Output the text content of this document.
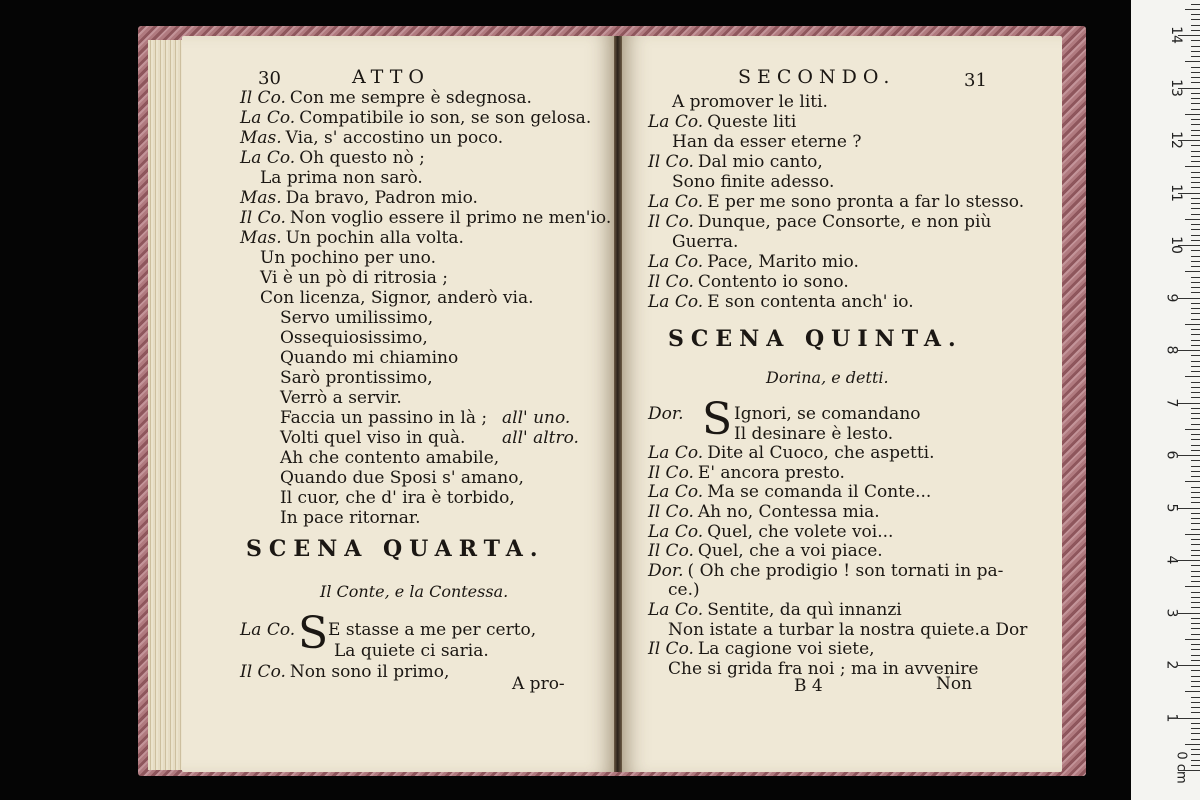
30	ATTO
Il Co. Con me sempre è sdegnosa.
La Co. Compatibile io son, se son gelosa.
Mas. Via, s' accostino un poco.
La Co. Oh questo nò ;
La prima non sarò.
Mas. Da bravo, Padron mio.
Il Co. Non voglio essere il primo ne men'io.
Mas. Un pochin alla volta.
Un pochino per uno.
Vi è un pò di ritrosia ;
Con licenza, Signor, anderò via.
Servo umilissimo,
Ossequiosissimo,
Quando mi chiamino
Sarò prontissimo,
Verrò a servir.
Faccia un passino in là ; all' uno.
Volti quel viso in quà. all' altro.
Ah che contento amabile,
Quando due Sposi s' amano,
Il cuor, che d' ira è torbido,
In pace ritornar.
SCENA QUARTA.
Il Conte, e la Contessa.
La Co. S E stasse a me per certo,
La quiete ci saria.
Il Co. Non sono il primo,
A pro-
SECONDO.	31
A promover le liti.
La Co. Queste liti
Han da esser eterne ?
Il Co. Dal mio canto,
Sono finite adesso.
La Co. E per me sono pronta a far lo stesso.
Il Co. Dunque, pace Consorte, e non più
Guerra.
La Co. Pace, Marito mio.
Il Co. Contento io sono.
La Co. E son contenta anch' io.
SCENA QUINTA.
Dorina, e detti.
Dor. S Ignori, se comandano
Il desinare è lesto.
La Co. Dite al Cuoco, che aspetti.
Il Co. E' ancora presto.
La Co. Ma se comanda il Conte...
Il Co. Ah no, Contessa mia.
La Co. Quel, che volete voi...
Il Co. Quel, che a voi piace.
Dor. ( Oh che prodigio ! son tornati in pa-
ce.)
La Co. Sentite, da quì innanzi
Non istate a turbar la nostra quiete.a Dor
Il Co. La cagione voi siete,
Che si grida fra noi ; ma in avvenire
B 4	Non
1
2
3
4
5
6
7
8
9
10
11
12
13
14
0 cm
